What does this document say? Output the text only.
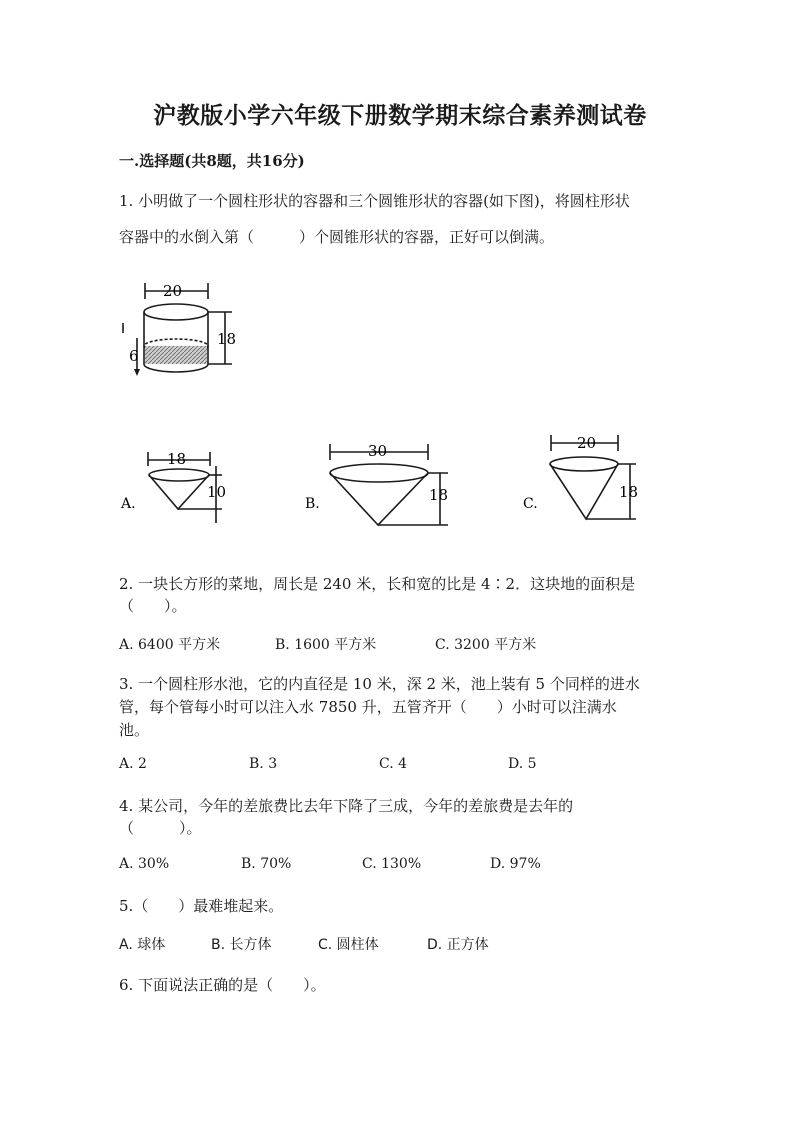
沪教版小学六年级下册数学期末综合素养测试卷
一.选择题(共8题，共16分)
1. 小明做了一个圆柱形状的容器和三个圆锥形状的容器(如下图)，将圆柱形状
容器中的水倒入第（　　　）个圆锥形状的容器，正好可以倒满。
20
18
6
18
10
A.
30
18
B.
20
18
C.
2. 一块长方形的菜地，周长是 240 米，长和宽的比是 4∶2．这块地的面积是
（　　）。
A. 6400 平方米	B. 1600 平方米	C. 3200 平方米
3. 一个圆柱形水池，它的内直径是 10 米，深 2 米，池上装有 5 个同样的进水
管，每个管每小时可以注入水 7850 升，五管齐开（　　）小时可以注满水
池。
A. 2	B. 3	C. 4	D. 5
4. 某公司，今年的差旅费比去年下降了三成，今年的差旅费是去年的
（　　　）。
A. 30%	B. 70%	C. 130%	D. 97%
5.（　　）最难堆起来。
A. 球体	B. 长方体	C. 圆柱体	D. 正方体
6. 下面说法正确的是（　　）。
